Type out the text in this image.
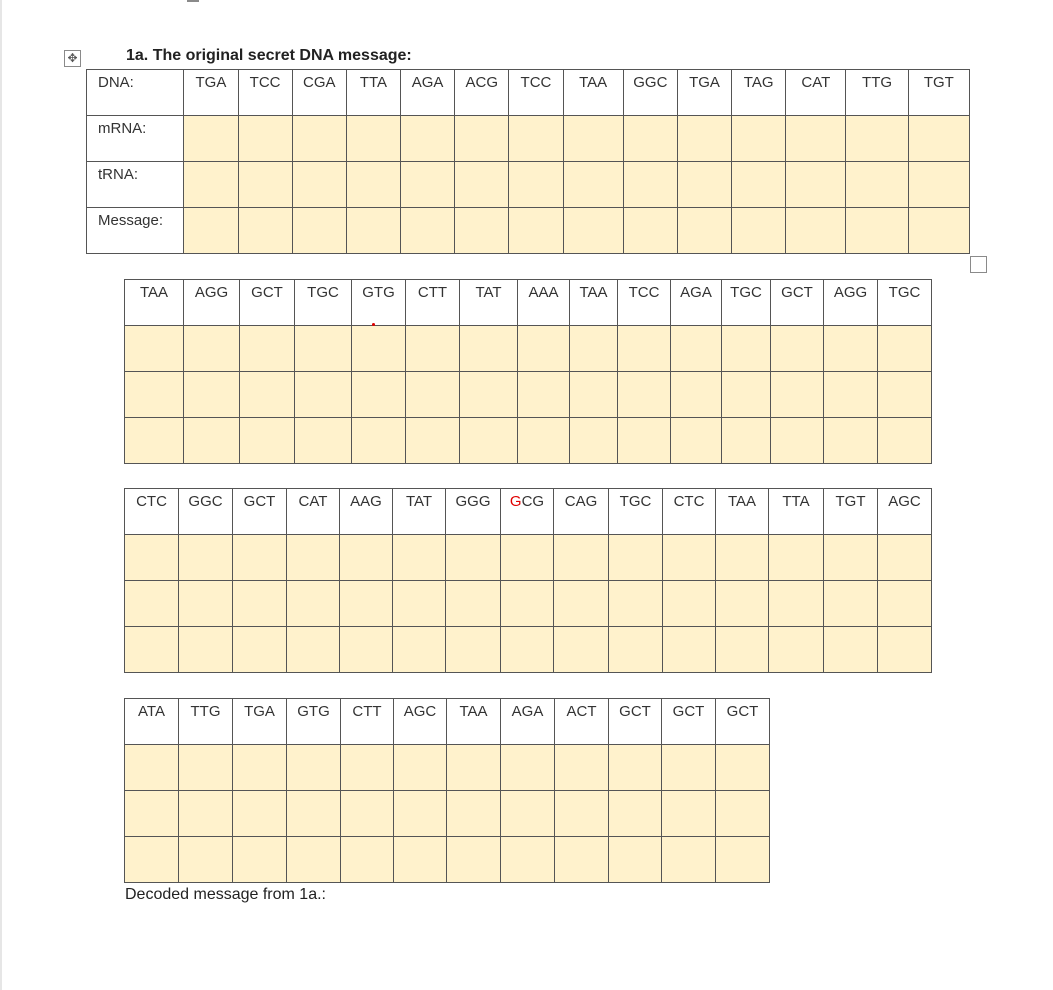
✥	1a. The original secret DNA message:
DNA:	TGA	TCC	CGA	TTA	AGA	ACG	TCC	TAA	GGC	TGA	TAG	CAT	TTG	TGT

mRNA:														

tRNA:														

Message:														

TAA	AGG	GCT	TGC	GTG	CTT	TAT	AAA	TAA	TCC	AGA	TGC	GCT	AGG	TGC

CTC	GGC	GCT	CAT	AAG	TAT	GGG	GCG	CAG	TGC	CTC	TAA	TTA	TGT	AGC

ATA	TTG	TGA	GTG	CTT	AGC	TAA	AGA	ACT	GCT	GCT	GCT

Decoded message from 1a.:
